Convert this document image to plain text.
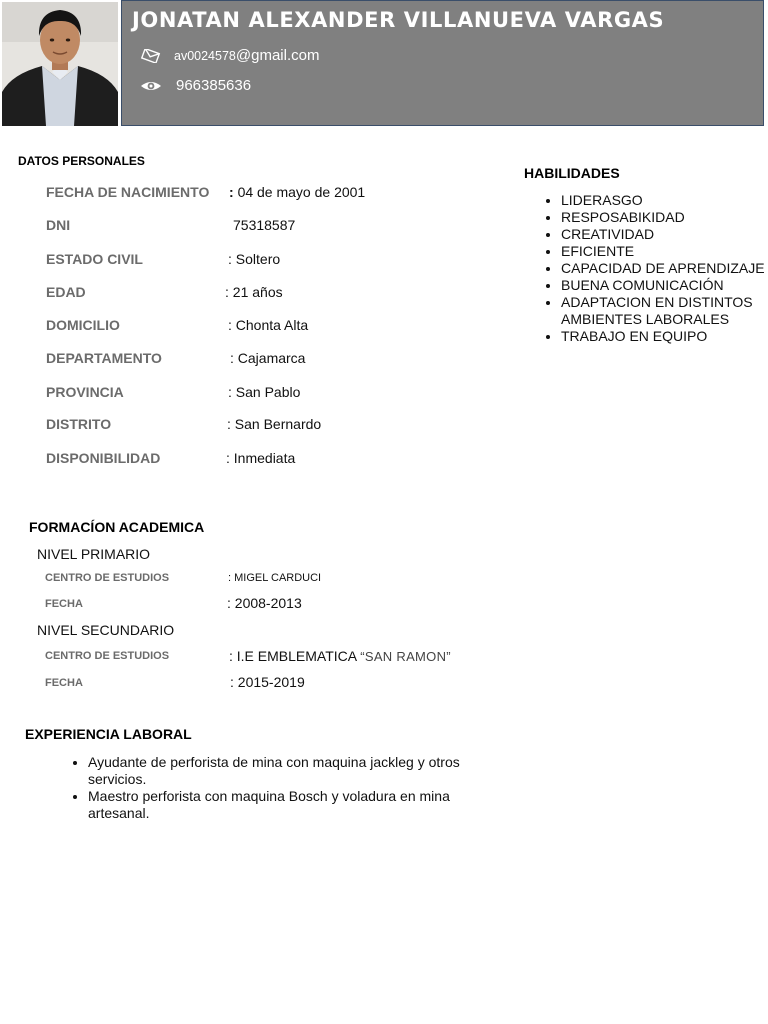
JONATAN ALEXANDER VILLANUEVA VARGAS
av0024578@gmail.com
966385636
DATOS PERSONALES
FECHA DE NACIMIENTO : 04 de mayo de 2001
DNI	75318587
ESTADO CIVIL	: Soltero
EDAD	: 21 años
DOMICILIO	: Chonta Alta
DEPARTAMENTO	: Cajamarca
PROVINCIA	: San Pablo
DISTRITO	: San Bernardo
DISPONIBILIDAD	: Inmediata
HABILIDADES
• LIDERASGO
• RESPOSABIKIDAD
• CREATIVIDAD
• EFICIENTE
• CAPACIDAD DE APRENDIZAJE
• BUENA COMUNICACIÓN
• ADAPTACION EN DISTINTOS AMBIENTES LABORALES
• TRABAJO EN EQUIPO
FORMACÍON ACADEMICA
NIVEL PRIMARIO
CENTRO DE ESTUDIOS	: MIGEL CARDUCI
FECHA	: 2008-2013
NIVEL SECUNDARIO
CENTRO DE ESTUDIOS	: I.E EMBLEMATICA “SAN RAMON”
FECHA	: 2015-2019
EXPERIENCIA LABORAL
• Ayudante de perforista de mina con maquina jackleg y otros servicios.
• Maestro perforista con maquina Bosch y voladura en mina artesanal.
